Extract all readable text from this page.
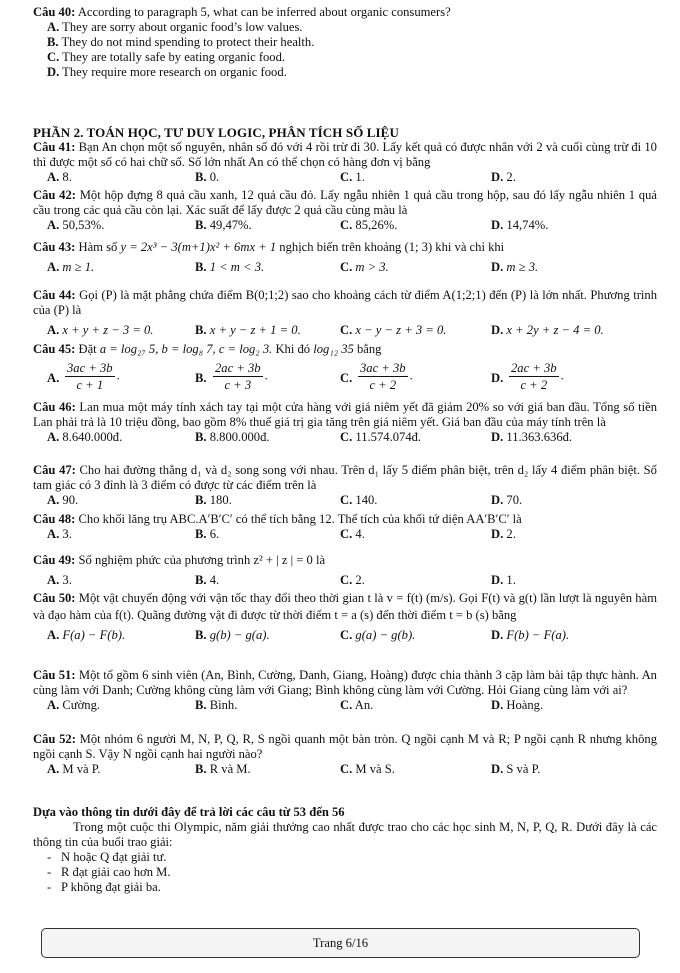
Câu 40: According to paragraph 5, what can be inferred about organic consumers?
A. They are sorry about organic food’s low values.
B. They do not mind spending to protect their health.
C. They are totally safe by eating organic food.
D. They require more research on organic food.
PHẦN 2. TOÁN HỌC, TƯ DUY LOGIC, PHÂN TÍCH SỐ LIỆU
Câu 41: Bạn An chọn một số nguyên, nhân số đó với 4 rồi trừ đi 30. Lấy kết quả có được nhân với 2 và cuối cùng trừ đi 10 thì được một số có hai chữ số. Số lớn nhất An có thể chọn có hàng đơn vị bằng
A. 8.	B. 0.	C. 1.	D. 2.
Câu 42: Một hộp đựng 8 quả cầu xanh, 12 quả cầu đỏ. Lấy ngẫu nhiên 1 quả cầu trong hộp, sau đó lấy ngẫu nhiên 1 quả cầu trong các quả cầu còn lại. Xác suất để lấy được 2 quả cầu cùng màu là
A. 50,53%.	B. 49,47%.	C. 85,26%.	D. 14,74%.
Câu 43: Hàm số y = 2x³ − 3(m+1)x² + 6mx + 1 nghịch biến trên khoảng (1; 3) khi và chỉ khi
A. m ≥ 1.	B. 1 < m < 3.	C. m > 3.	D. m ≥ 3.
Câu 44: Gọi (P) là mặt phẳng chứa điểm B(0;1;2) sao cho khoảng cách từ điểm A(1;2;1) đến (P) là lớn nhất. Phương trình của (P) là
A. x + y + z − 3 = 0.	B. x + y − z + 1 = 0.	C. x − y − z + 3 = 0.	D. x + 2y + z − 4 = 0.
Câu 45: Đặt a = log₂₇ 5, b = log₈ 7, c = log₂ 3. Khi đó log₁₂ 35 bằng
A. $\frac{3ac + 3b}{c + 1}$ .	B. $\frac{2ac + 3b}{c + 3}$ .	C. $\frac{3ac + 3b}{c + 2}$ .	D. $\frac{2ac + 3b}{c + 2}$ .
Câu 46: Lan mua một máy tính xách tay tại một cửa hàng với giá niêm yết đã giảm 20% so với giá ban đầu. Tổng số tiền Lan phải trả là 10 triệu đồng, bao gồm 8% thuế giá trị gia tăng trên giá niêm yết. Giá ban đầu của máy tính trên là
A. 8.640.000đ.	B. 8.800.000đ.	C. 11.574.074đ.	D. 11.363.636đ.
Câu 47: Cho hai đường thẳng d₁ và d₂ song song với nhau. Trên d₁ lấy 5 điểm phân biệt, trên d₂ lấy 4 điểm phân biệt. Số tam giác có 3 đỉnh là 3 điểm có được từ các điểm trên là
A. 90.	B. 180.	C. 140.	D. 70.
Câu 48: Cho khối lăng trụ ABC.A′B′C′ có thể tích bằng 12. Thể tích của khối tứ diện AA′B′C′ là
A. 3.	B. 6.	C. 4.	D. 2.
Câu 49: Số nghiệm phức của phương trình z² + | z | = 0 là
A. 3.	B. 4.	C. 2.	D. 1.
Câu 50: Một vật chuyển động với vận tốc thay đổi theo thời gian t là v = f(t) (m/s). Gọi F(t) và g(t) lần lượt là nguyên hàm và đạo hàm của f(t). Quãng đường vật đi được từ thời điểm t = a (s) đến thời điểm t = b (s) bằng
A. F(a) − F(b).	B. g(b) − g(a).	C. g(a) − g(b).	D. F(b) − F(a).
Câu 51: Một tổ gồm 6 sinh viên (An, Bình, Cường, Danh, Giang, Hoàng) được chia thành 3 cặp làm bài tập thực hành. An cùng làm với Danh; Cường không cùng làm với Giang; Bình không cùng làm với Cường. Hỏi Giang cùng làm với ai?
A. Cường.	B. Bình.	C. An.	D. Hoàng.
Câu 52: Một nhóm 6 người M, N, P, Q, R, S ngồi quanh một bàn tròn. Q ngồi cạnh M và R; P ngồi cạnh R nhưng không ngồi cạnh S. Vậy N ngồi cạnh hai người nào?
A. M và P.	B. R và M.	C. M và S.	D. S và P.
Dựa vào thông tin dưới đây để trả lời các câu từ 53 đến 56
Trong một cuộc thi Olympic, năm giải thưởng cao nhất được trao cho các học sinh M, N, P, Q, R. Dưới đây là các thông tin của buổi trao giải:
- N hoặc Q đạt giải tư.
- R đạt giải cao hơn M.
- P không đạt giải ba.
Trang 6/16
